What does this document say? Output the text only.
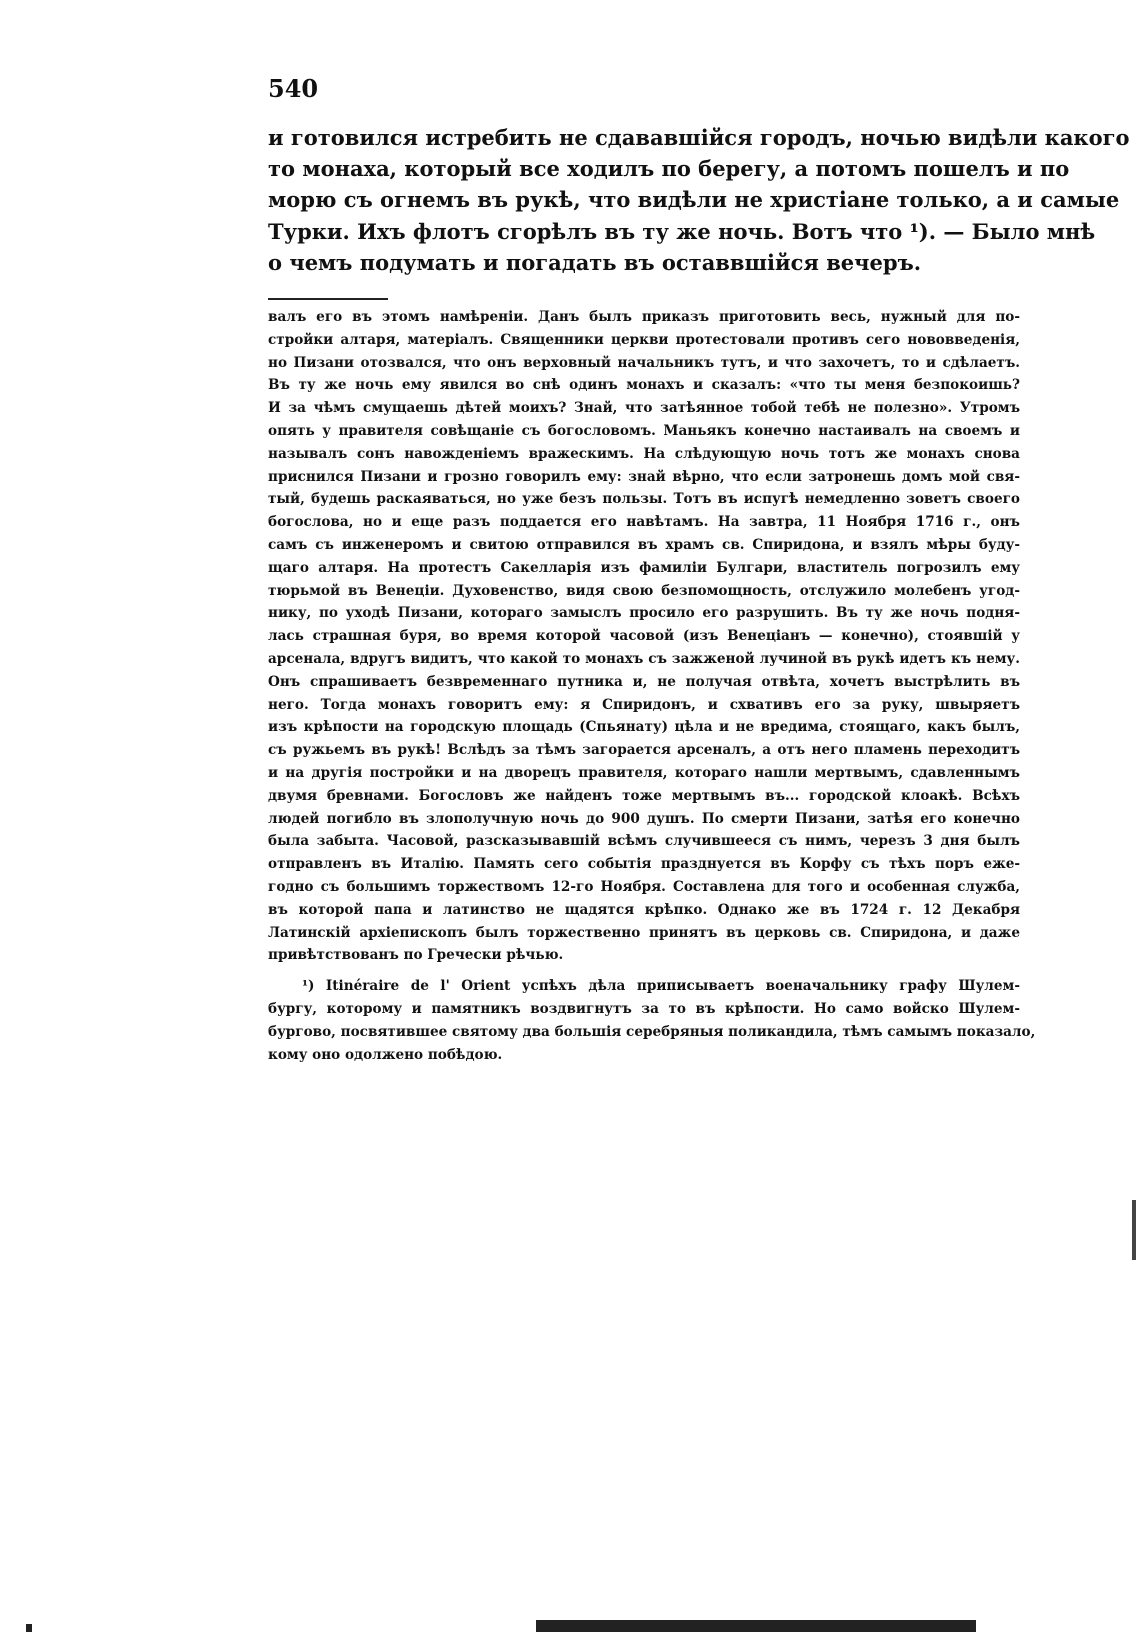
540
и готовился истребить не сдававшійся городъ, ночью видѣли какого
то монаха, который все ходилъ по берегу, а потомъ пошелъ и по
морю съ огнемъ въ рукѣ, что видѣли не христіане только, а и самые
Турки. Ихъ флотъ сгорѣлъ въ ту же ночь. Вотъ что ¹). — Было мнѣ
о чемъ подумать и погадать въ оставвшійся вечеръ.
валъ его въ этомъ намѣреніи. Данъ былъ приказъ приготовить весь, нужный для по-
стройки алтаря, матеріалъ. Священники церкви протестовали противъ сего нововведенія,
но Пизани отозвался, что онъ верховный начальникъ тутъ, и что захочетъ, то и сдѣлаетъ.
Въ ту же ночь ему явился во снѣ одинъ монахъ и сказалъ: «что ты меня безпокоишь?
И за чѣмъ смущаешь дѣтей моихъ? Знай, что затѣянное тобой тебѣ не полезно». Утромъ
опять у правителя совѣщаніе съ богословомъ. Маньякъ конечно настаивалъ на своемъ и
называлъ сонъ навожденіемъ вражескимъ. На слѣдующую ночь тотъ же монахъ снова
приснился Пизани и грозно говорилъ ему: знай вѣрно, что если затронешь домъ мой свя-
тый, будешь раскаяваться, но уже безъ пользы. Тотъ въ испугѣ немедленно зоветъ своего
богослова, но и еще разъ поддается его навѣтамъ. На завтра, 11 Ноября 1716 г., онъ
самъ съ инженеромъ и свитою отправился въ храмъ св. Спиридона, и взялъ мѣры буду-
щаго алтаря. На протестъ Сакелларія изъ фамиліи Булгари, властитель погрозилъ ему
тюрьмой въ Венеціи. Духовенство, видя свою безпомощность, отслужило молебенъ угод-
нику, по уходѣ Пизани, котораго замыслъ просило его разрушить. Въ ту же ночь подня-
лась страшная буря, во время которой часовой (изъ Венеціанъ — конечно), стоявшій у
арсенала, вдругъ видитъ, что какой то монахъ съ зажженой лучиной въ рукѣ идетъ къ нему.
Онъ спрашиваетъ безвременнаго путника и, не получая отвѣта, хочетъ выстрѣлить въ
него. Тогда монахъ говоритъ ему: я Спиридонъ, и схвативъ его за руку, швыряетъ
изъ крѣпости на городскую площадь (Спьянату) цѣла и не вредима, стоящаго, какъ былъ,
съ ружьемъ въ рукѣ! Вслѣдъ за тѣмъ загорается арсеналъ, а отъ него пламень переходитъ
и на другія постройки и на дворецъ правителя, котораго нашли мертвымъ, сдавленнымъ
двумя бревнами. Богословъ же найденъ тоже мертвымъ въ... городской клоакѣ. Всѣхъ
людей погибло въ злополучную ночь до 900 душъ. По смерти Пизани, затѣя его конечно
была забыта. Часовой, разсказывавшій всѣмъ случившееся съ нимъ, черезъ 3 дня былъ
отправленъ въ Италію. Память сего событія празднуется въ Корфу съ тѣхъ поръ еже-
годно съ большимъ торжествомъ 12-го Ноября. Составлена для того и особенная служба,
въ которой папа и латинство не щадятся крѣпко. Однако же въ 1724 г. 12 Декабря
Латинскій архіепископъ былъ торжественно принятъ въ церковь св. Спиридона, и даже
привѣтствованъ по Гречески рѣчью.
¹) Itinéraire de l' Orient успѣхъ дѣла приписываетъ военачальнику графу Шулем-
бургу, которому и памятникъ воздвигнутъ за то въ крѣпости. Но само войско Шулем-
бургово, посвятившее святому два большія серебряныя поликандила, тѣмъ самымъ показало,
кому оно одолжено побѣдою.
